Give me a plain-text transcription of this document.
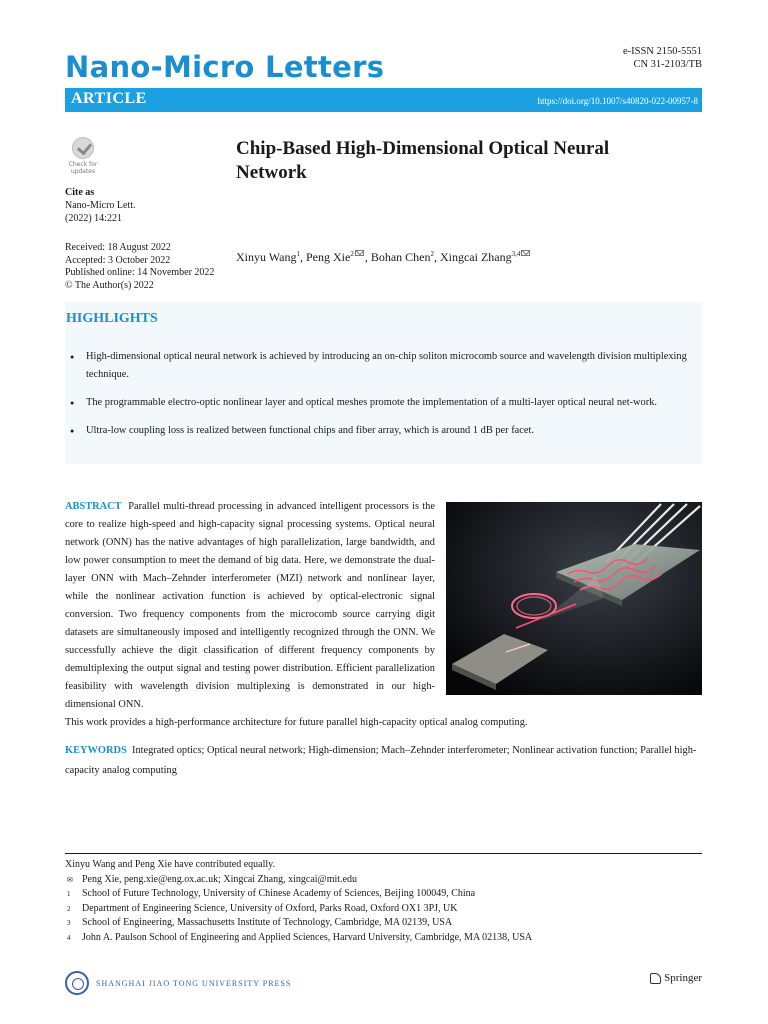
Nano-Micro Letters	e-ISSN 2150-5551
CN 31-2103/TB
ARTICLE	https://doi.org/10.1007/s40820-022-00957-8
Check for updates
Cite as
Nano-Micro Lett.
(2022) 14:221
Received: 18 August 2022
Accepted: 3 October 2022
Published online: 14 November 2022
© The Author(s) 2022
Chip-Based High-Dimensional Optical Neural Network
Xinyu Wang$^1$, Peng Xie$^2$ , Bohan Chen$^2$, Xingcai Zhang$^{3,4}$
HIGHLIGHTS
● High-dimensional optical neural network is achieved by introducing an on-chip soliton microcomb source and wavelength division multiplexing technique.
● The programmable electro-optic nonlinear layer and optical meshes promote the implementation of a multi-layer optical neural net-work.
● Ultra-low coupling loss is realized between functional chips and fiber array, which is around 1 dB per facet.
ABSTRACT Parallel multi-thread processing in advanced intelligent processors is the core to realize high-speed and high-capacity signal processing systems. Optical neural network (ONN) has the native advantages of high parallelization, large bandwidth, and low power consumption to meet the demand of big data. Here, we demonstrate the dual-layer ONN with Mach–Zehnder interferometer (MZI) network and nonlinear layer, while the nonlinear activation function is achieved by optical-electronic signal conversion. Two frequency components from the microcomb source carrying digit datasets are simultaneously imposed and intelligently recognized through the ONN. We successfully achieve the digit classification of different frequency components by demultiplexing the output signal and testing power distribution. Efficient parallelization feasibility with wavelength division multiplexing is demonstrated in our high-dimensional ONN.
This work provides a high-performance architecture for future parallel high-capacity optical analog computing.
KEYWORDS Integrated optics; Optical neural network; High-dimension; Mach–Zehnder interferometer; Nonlinear activation function; Parallel high-capacity analog computing
Xinyu Wang and Peng Xie have contributed equally.
✉ Peng Xie, peng.xie@eng.ox.ac.uk; Xingcai Zhang, xingcai@mit.edu
1 School of Future Technology, University of Chinese Academy of Sciences, Beijing 100049, China
2 Department of Engineering Science, University of Oxford, Parks Road, Oxford OX1 3PJ, UK
3 School of Engineering, Massachusetts Institute of Technology, Cambridge, MA 02139, USA
4 John A. Paulson School of Engineering and Applied Sciences, Harvard University, Cambridge, MA 02138, USA
SHANGHAI JIAO TONG UNIVERSITY PRESS	Springer
